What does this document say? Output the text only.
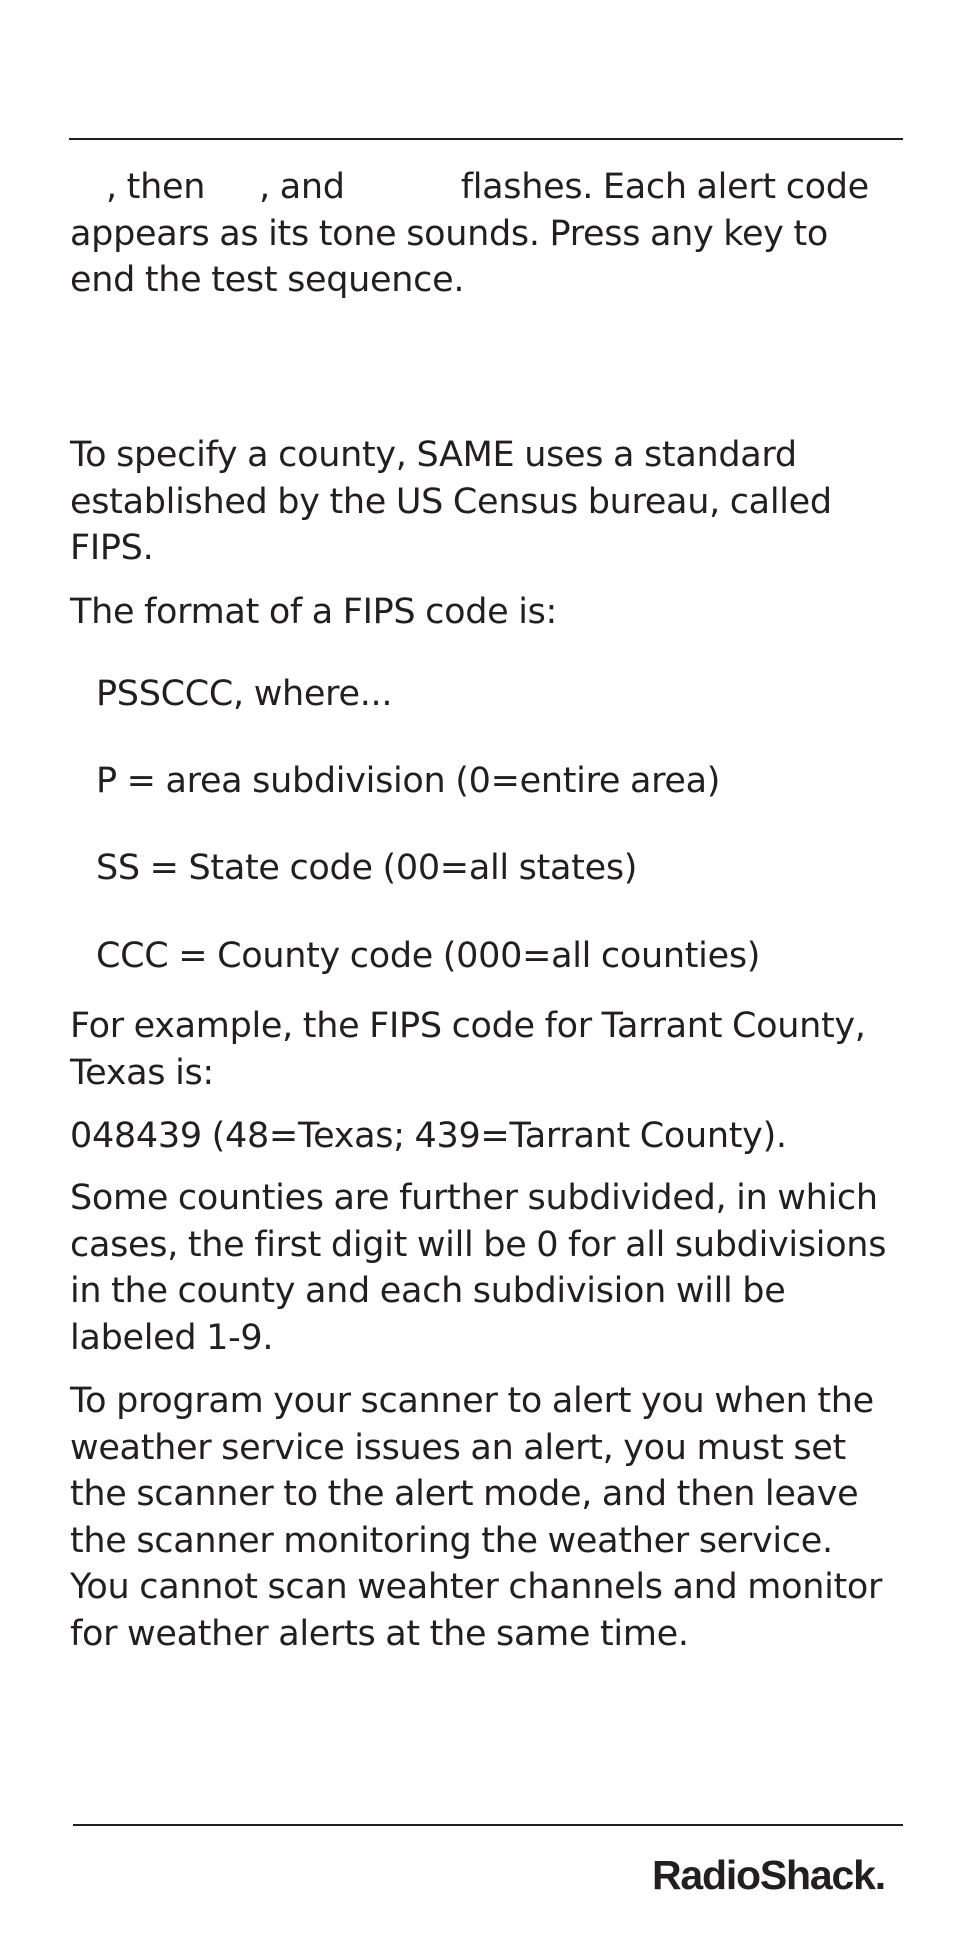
, then , and	flashes. Each alert code appears as its tone sounds. Press any key to end the test sequence.

To specify a county, SAME uses a standard established by the US Census bureau, called FIPS.

The format of a FIPS code is:

PSSCCC, where...

P = area subdivision (0=entire area)

SS = State code (00=all states)

CCC = County code (000=all counties)

For example, the FIPS code for Tarrant County, Texas is:

048439 (48=Texas; 439=Tarrant County).

Some counties are further subdivided, in which cases, the first digit will be 0 for all subdivisions in the county and each subdivision will be labeled 1-9.

To program your scanner to alert you when the weather service issues an alert, you must set the scanner to the alert mode, and then leave the scanner monitoring the weather service. You cannot scan weahter channels and monitor for weather alerts at the same time.

RadioShack.
